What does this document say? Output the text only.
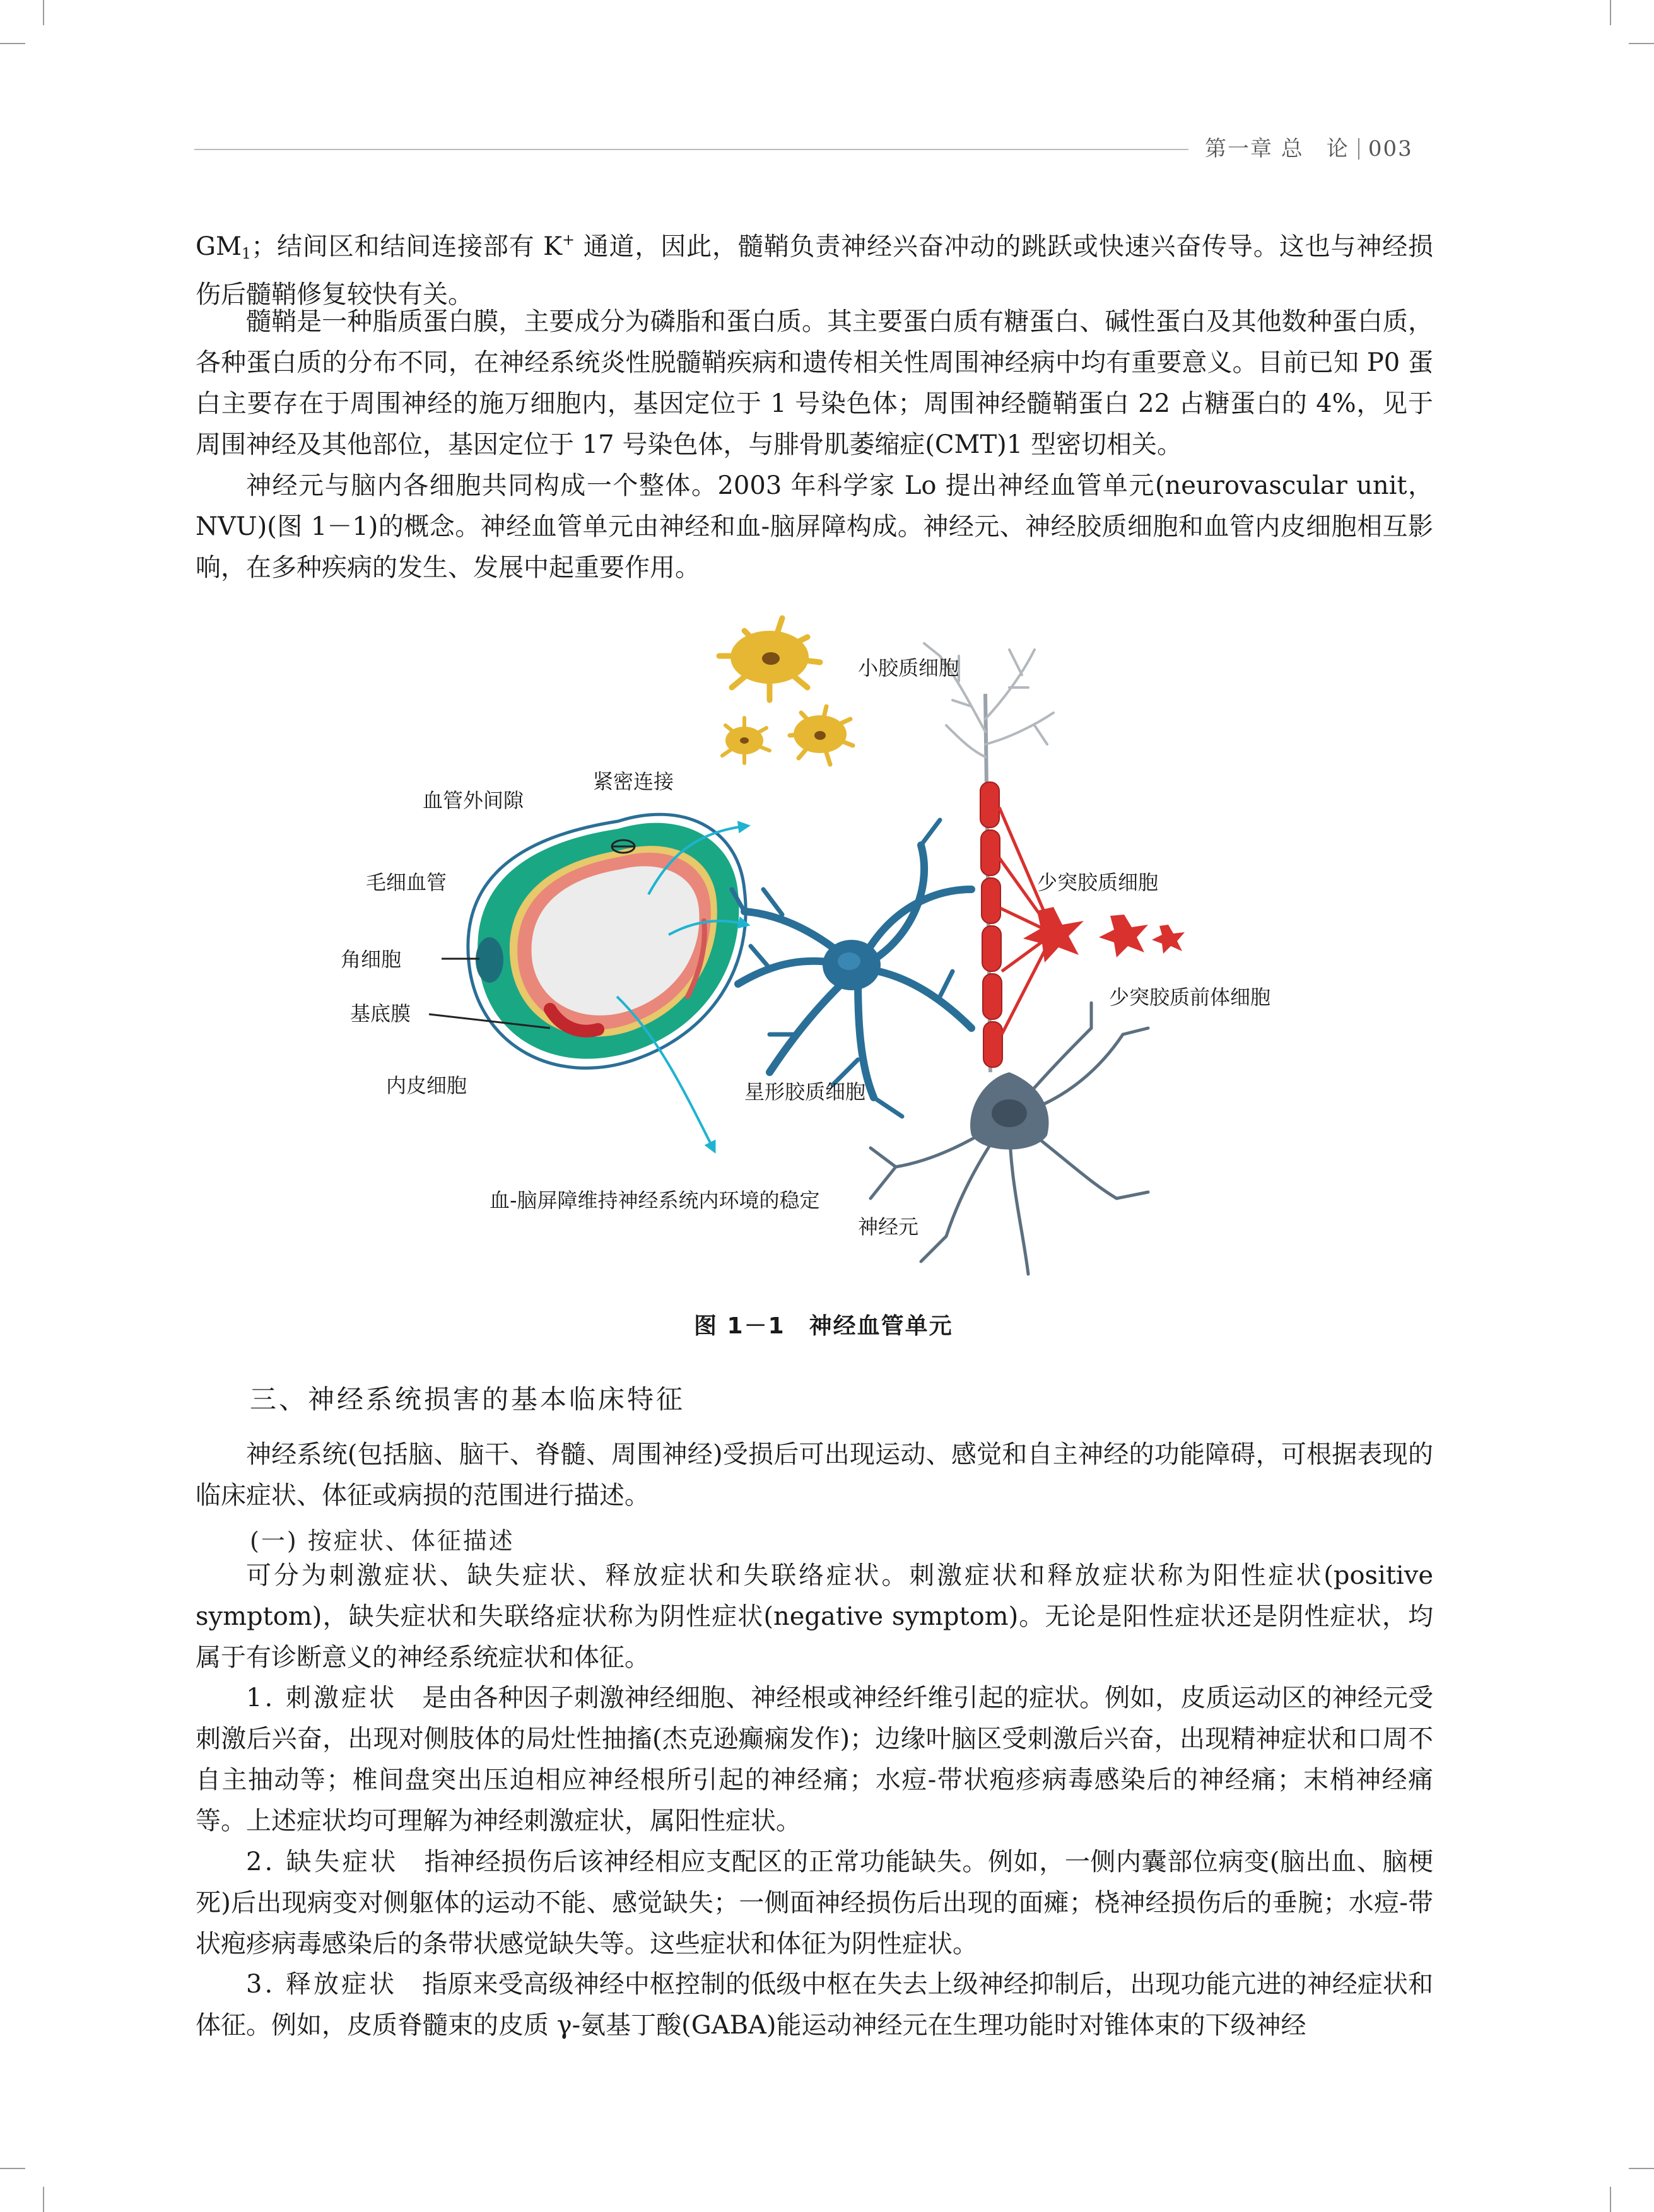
第一章 总　论 003

GM1；结间区和结间连接部有 K+ 通道，因此，髓鞘负责神经兴奋冲动的跳跃或快速兴奋传导。这也与神经损伤后髓鞘修复较快有关。

髓鞘是一种脂质蛋白膜，主要成分为磷脂和蛋白质。其主要蛋白质有糖蛋白、碱性蛋白及其他数种蛋白质，各种蛋白质的分布不同，在神经系统炎性脱髓鞘疾病和遗传相关性周围神经病中均有重要意义。目前已知 P0 蛋白主要存在于周围神经的施万细胞内，基因定位于 1 号染色体；周围神经髓鞘蛋白 22 占糖蛋白的 4%，见于周围神经及其他部位，基因定位于 17 号染色体，与腓骨肌萎缩症(CMT)1 型密切相关。

神经元与脑内各细胞共同构成一个整体。2003 年科学家 Lo 提出神经血管单元(neurovascular unit，NVU)(图 1－1)的概念。神经血管单元由神经和血-脑屏障构成。神经元、神经胶质细胞和血管内皮细胞相互影响，在多种疾病的发生、发展中起重要作用。

小胶质细胞
紧密连接
血管外间隙
毛细血管
角细胞
基底膜
内皮细胞
少突胶质细胞
少突胶质前体细胞
星形胶质细胞
血-脑屏障维持神经系统内环境的稳定
神经元
图 1－1　神经血管单元
三、神经系统损害的基本临床特征

神经系统(包括脑、脑干、脊髓、周围神经)受损后可出现运动、感觉和自主神经的功能障碍，可根据表现的临床症状、体征或病损的范围进行描述。

(一) 按症状、体征描述

可分为刺激症状、缺失症状、释放症状和失联络症状。刺激症状和释放症状称为阳性症状(positive symptom)，缺失症状和失联络症状称为阴性症状(negative symptom)。无论是阳性症状还是阴性症状，均属于有诊断意义的神经系统症状和体征。

1. 刺激症状　是由各种因子刺激神经细胞、神经根或神经纤维引起的症状。例如，皮质运动区的神经元受刺激后兴奋，出现对侧肢体的局灶性抽搐(杰克逊癫痫发作)；边缘叶脑区受刺激后兴奋，出现精神症状和口周不自主抽动等；椎间盘突出压迫相应神经根所引起的神经痛；水痘-带状疱疹病毒感染后的神经痛；末梢神经痛等。上述症状均可理解为神经刺激症状，属阳性症状。

2. 缺失症状　指神经损伤后该神经相应支配区的正常功能缺失。例如，一侧内囊部位病变(脑出血、脑梗死)后出现病变对侧躯体的运动不能、感觉缺失；一侧面神经损伤后出现的面瘫；桡神经损伤后的垂腕；水痘-带状疱疹病毒感染后的条带状感觉缺失等。这些症状和体征为阴性症状。

3. 释放症状　指原来受高级神经中枢控制的低级中枢在失去上级神经抑制后，出现功能亢进的神经症状和体征。例如，皮质脊髓束的皮质 γ-氨基丁酸(GABA)能运动神经元在生理功能时对锥体束的下级神经
